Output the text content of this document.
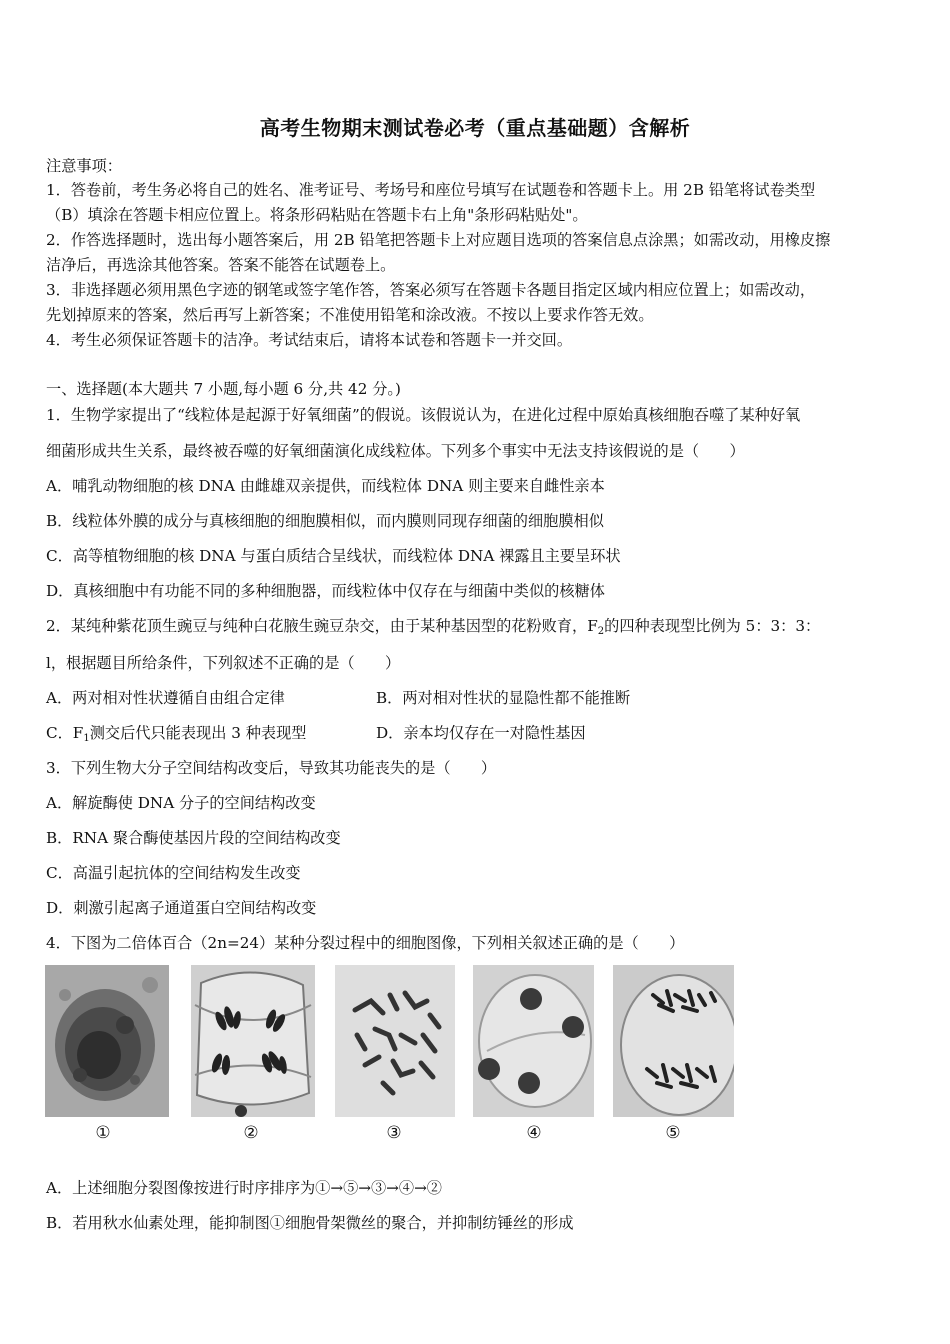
高考生物期末测试卷必考（重点基础题）含解析
注意事项：
1．答卷前，考生务必将自己的姓名、准考证号、考场号和座位号填写在试题卷和答题卡上。用 2B 铅笔将试卷类型
（B）填涂在答题卡相应位置上。将条形码粘贴在答题卡右上角"条形码粘贴处"。
2．作答选择题时，选出每小题答案后，用 2B 铅笔把答题卡上对应题目选项的答案信息点涂黑；如需改动，用橡皮擦
洁净后，再选涂其他答案。答案不能答在试题卷上。
3．非选择题必须用黑色字迹的钢笔或签字笔作答，答案必须写在答题卡各题目指定区域内相应位置上；如需改动，
先划掉原来的答案，然后再写上新答案；不准使用铅笔和涂改液。不按以上要求作答无效。
4．考生必须保证答题卡的洁净。考试结束后，请将本试卷和答题卡一并交回。
一、选择题(本大题共 7 小题,每小题 6 分,共 42 分。)
1．生物学家提出了“线粒体是起源于好氧细菌”的假说。该假说认为，在进化过程中原始真核细胞吞噬了某种好氧
细菌形成共生关系，最终被吞噬的好氧细菌演化成线粒体。下列多个事实中无法支持该假说的是（　　）
A．哺乳动物细胞的核 DNA 由雌雄双亲提供，而线粒体 DNA 则主要来自雌性亲本
B．线粒体外膜的成分与真核细胞的细胞膜相似，而内膜则同现存细菌的细胞膜相似
C．高等植物细胞的核 DNA 与蛋白质结合呈线状，而线粒体 DNA 裸露且主要呈环状
D．真核细胞中有功能不同的多种细胞器，而线粒体中仅存在与细菌中类似的核糖体
2．某纯种紫花顶生豌豆与纯种白花腋生豌豆杂交，由于某种基因型的花粉败育，$F_2$的四种表现型比例为 5：3：3：
l，根据题目所给条件，下列叙述不正确的是（　　）
A．两对相对性状遵循自由组合定律	B．两对相对性状的显隐性都不能推断
C．$F_1$测交后代只能表现出 3 种表现型	D．亲本均仅存在一对隐性基因
3．下列生物大分子空间结构改变后，导致其功能丧失的是（　　）
A．解旋酶使 DNA 分子的空间结构改变
B．RNA 聚合酶使基因片段的空间结构改变
C．高温引起抗体的空间结构发生改变
D．刺激引起离子通道蛋白空间结构改变
4．下图为二倍体百合（2n=24）某种分裂过程中的细胞图像，下列相关叙述正确的是（　　）
①	②	③	④	⑤
A．上述细胞分裂图像按进行时序排序为①→⑤→③→④→②
B．若用秋水仙素处理，能抑制图①细胞骨架微丝的聚合，并抑制纺锤丝的形成
